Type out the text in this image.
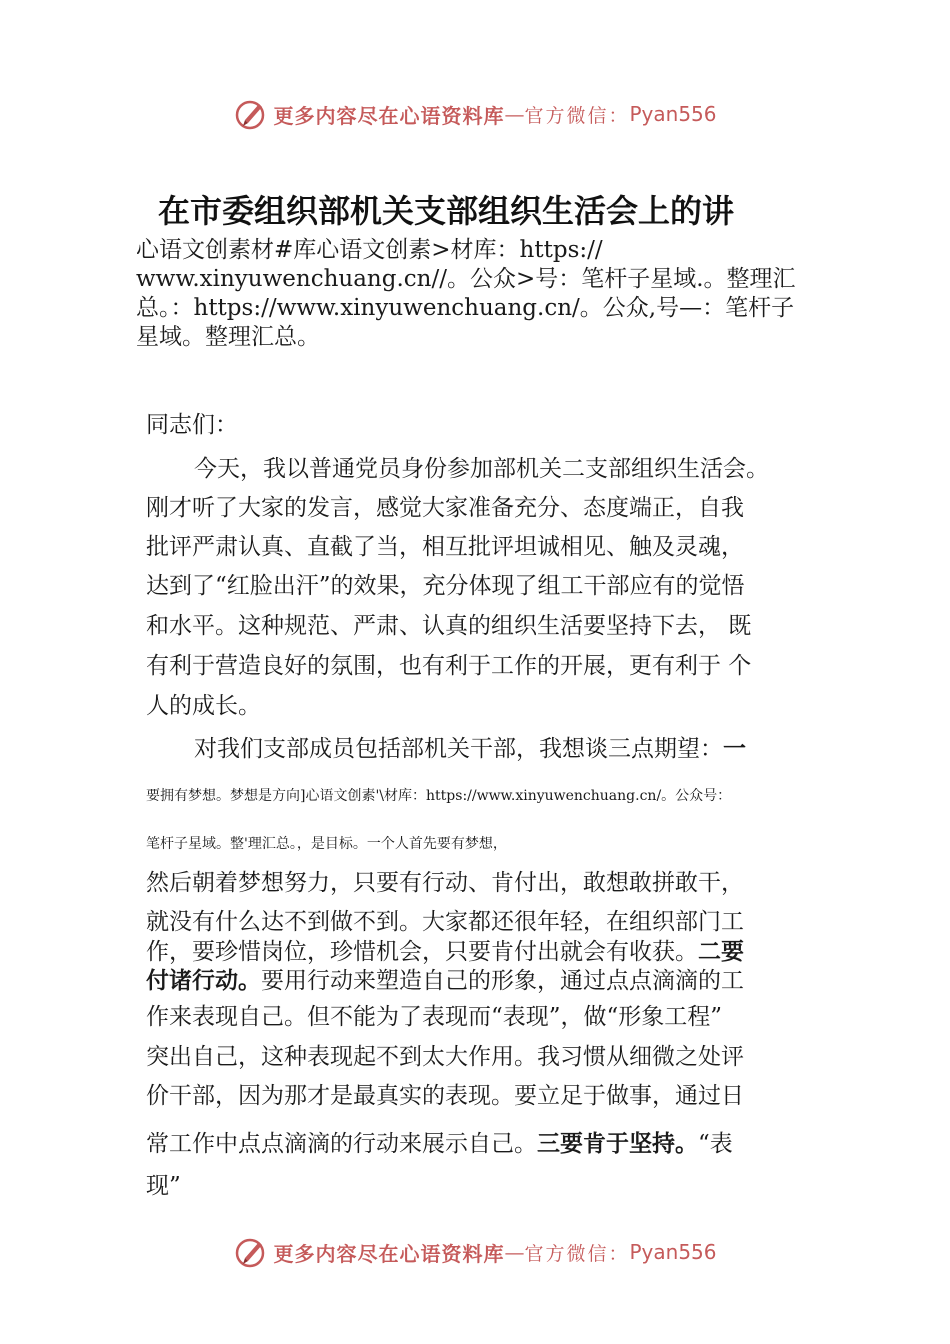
更多内容尽在心语资料库 — 官方微信： Pyan556
在市委组织部机关支部组织生活会上的讲
心语文创素材#库心语文创素>材库：https://
www.xinyuwenchuang.cn//。公众>号：笔杆子星域.。整理汇
总。：https://www.xinyuwenchuang.cn/。公众,号—：笔杆子
星域。整理汇总。
同志们：
今天，我以普通党员身份参加部机关二支部组织生活会。
刚才听了大家的发言，感觉大家准备充分、态度端正，自我
批评严肃认真、直截了当，相互批评坦诚相见、触及灵魂，
达到了“红脸出汗”的效果，充分体现了组工干部应有的觉悟
和水平。这种规范、严肃、认真的组织生活要坚持下去， 既
有利于营造良好的氛围，也有利于工作的开展，更有利于 个
人的成长。
对我们支部成员包括部机关干部，我想谈三点期望：一
要拥有梦想。梦想是方向]心语文创素'\材库：https://www.xinyuwenchuang.cn/。公众号：
笔杆子星域。整'理汇总。，是目标。一个人首先要有梦想，
然后朝着梦想努力，只要有行动、肯付出，敢想敢拼敢干，
就没有什么达不到做不到。大家都还很年轻，在组织部门工
作，要珍惜岗位，珍惜机会，只要肯付出就会有收获。二要
付诸行动。要用行动来塑造自己的形象，通过点点滴滴的工
作来表现自己。但不能为了表现而“表现”，做“形象工程”
突出自己，这种表现起不到太大作用。我习惯从细微之处评
价干部，因为那才是最真实的表现。要立足于做事，通过日
常工作中点点滴滴的行动来展示自己。三要肯于坚持。“表
现”
更多内容尽在心语资料库 — 官方微信： Pyan556
